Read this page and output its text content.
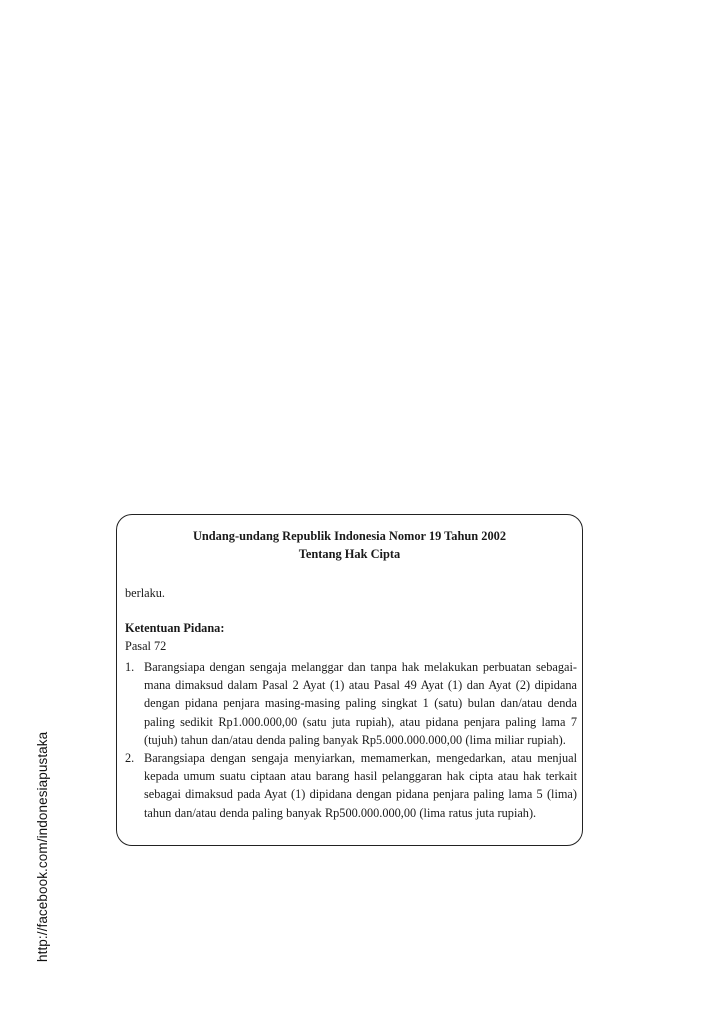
http://facebook.com/indonesiapustaka
Undang-undang Republik Indonesia Nomor 19 Tahun 2002
Tentang Hak Cipta
berlaku.
Ketentuan Pidana:
Pasal 72
1. Barangsiapa dengan sengaja melanggar dan tanpa hak melakukan perbuatan sebagaimana dimaksud dalam Pasal 2 Ayat (1) atau Pasal 49 Ayat (1) dan Ayat (2) dipidana dengan pidana penjara masing-masing paling singkat 1 (satu) bulan dan/atau denda paling sedikit Rp1.000.000,00 (satu juta rupiah), atau pidana penjara paling lama 7 (tujuh) tahun dan/atau denda paling banyak Rp5.000.000.000,00 (lima miliar rupiah).
2. Barangsiapa dengan sengaja menyiarkan, memamerkan, mengedarkan, atau menjual kepada umum suatu ciptaan atau barang hasil pelanggaran hak cipta atau hak terkait sebagai dimaksud pada Ayat (1) dipidana dengan pidana penjara paling lama 5 (lima) tahun dan/atau denda paling banyak Rp500.000.000,00 (lima ratus juta rupiah).
